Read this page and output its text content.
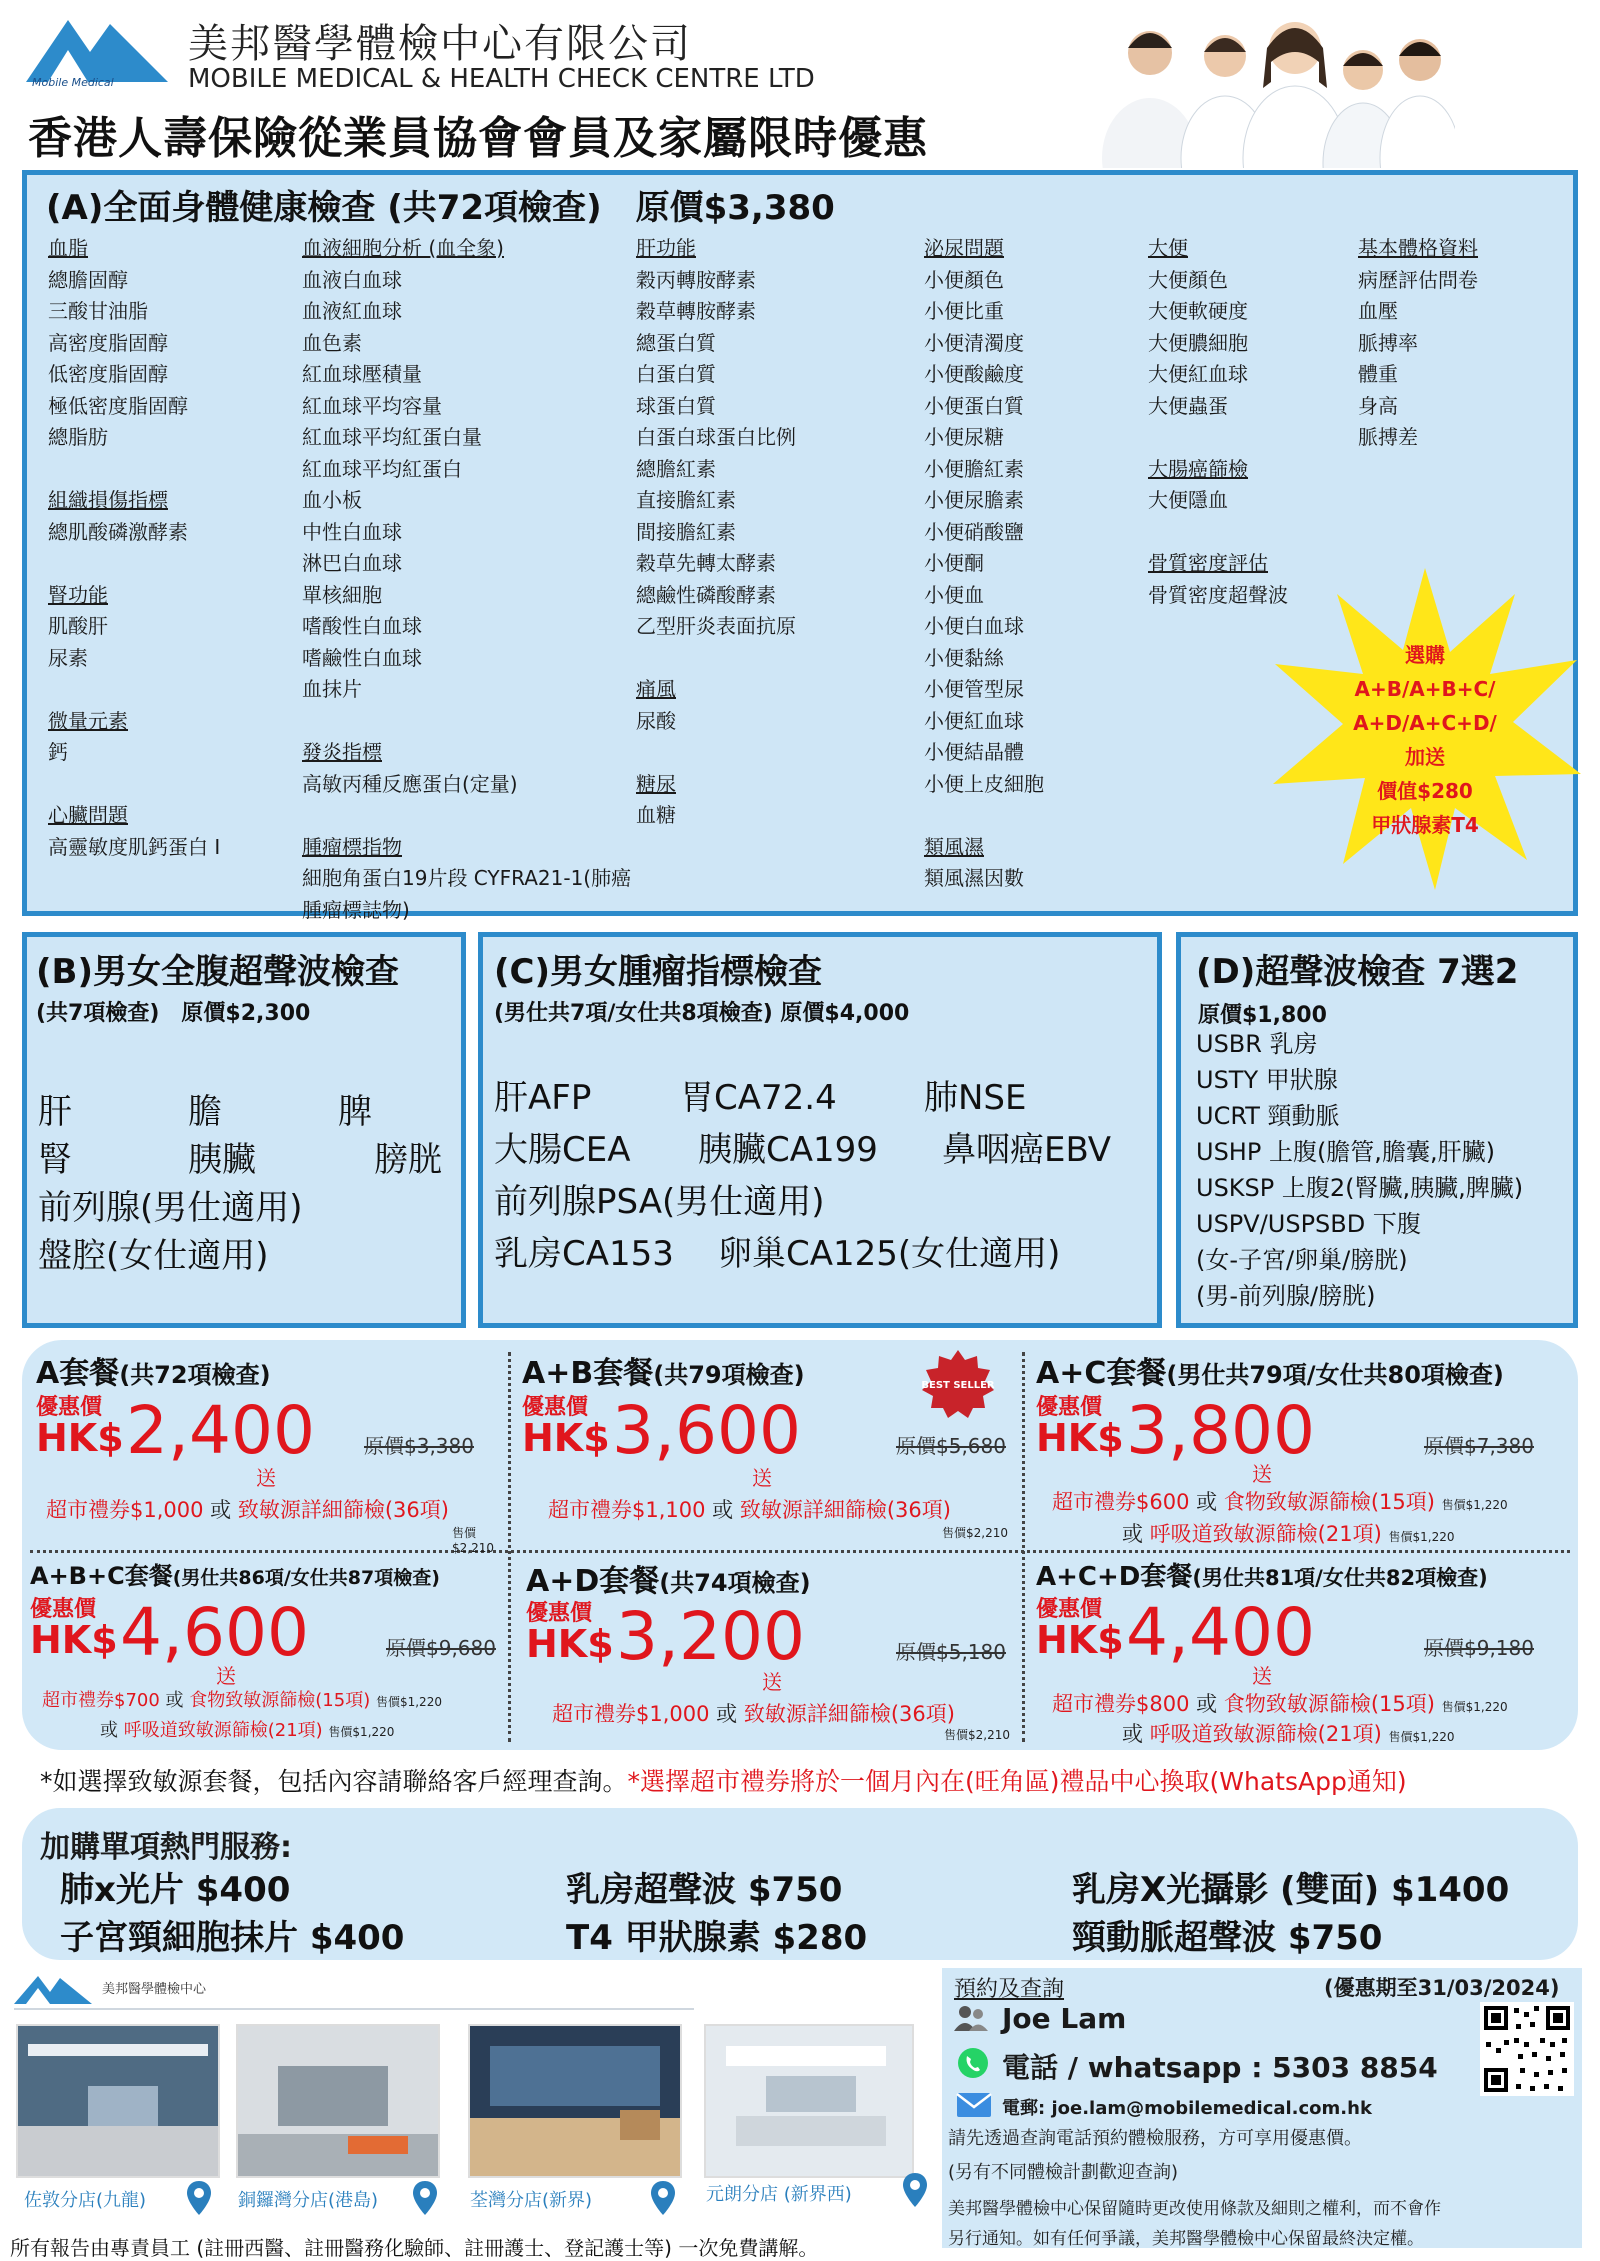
Mobile Medical
美邦醫學體檢中心有限公司
MOBILE MEDICAL & HEALTH CHECK CENTRE LTD
香港人壽保險從業員協會會員及家屬限時優惠
(A)全面身體健康檢查 (共72項檢查)　原價$3,380
血脂
總膽固醇
三酸甘油脂
高密度脂固醇
低密度脂固醇
極低密度脂固醇
總脂肪
組織損傷指標
總肌酸磷激酵素
腎功能
肌酸肝
尿素
微量元素
鈣
心臟問題
高靈敏度肌鈣蛋白 I
血液細胞分析 (血全象)
血液白血球
血液紅血球
血色素
紅血球壓積量
紅血球平均容量
紅血球平均紅蛋白量
紅血球平均紅蛋白
血小板
中性白血球
淋巴白血球
單核細胞
嗜酸性白血球
嗜鹼性白血球
血抹片
發炎指標
高敏丙種反應蛋白(定量)
腫瘤標指物
細胞角蛋白19片段 CYFRA21-1(肺癌腫瘤標誌物)
肝功能
穀丙轉胺酵素
穀草轉胺酵素
總蛋白質
白蛋白質
球蛋白質
白蛋白球蛋白比例
總膽紅素
直接膽紅素
間接膽紅素
穀草先轉太酵素
總鹼性磷酸酵素
乙型肝炎表面抗原
痛風
尿酸
糖尿
血糖
泌尿問題
小便顏色
小便比重
小便清濁度
小便酸鹼度
小便蛋白質
小便尿糖
小便膽紅素
小便尿膽素
小便硝酸鹽
小便酮
小便血
小便白血球
小便黏絲
小便管型尿
小便紅血球
小便結晶體
小便上皮細胞
類風濕
類風濕因數
大便
大便顏色
大便軟硬度
大便膿細胞
大便紅血球
大便蟲蛋
大腸癌篩檢
大便隱血
骨質密度評估
骨質密度超聲波
基本體格資料
病歷評估問卷
血壓
脈搏率
體重
身高
脈搏差
選購
A+B/A+B+C/
A+D/A+C+D/
加送
價值$280
甲狀腺素T4
(B)男女全腹超聲波檢查
(共7項檢查)　原價$2,300
肝	膽	脾
腎	胰臟	膀胱
前列腺(男仕適用)
盤腔(女仕適用)
(C)男女腫瘤指標檢查
(男仕共7項/女仕共8項檢查) 原價$4,000
肝AFP	胃CA72.4	肺NSE
大腸CEA 胰臟CA199 鼻咽癌EBV
前列腺PSA(男仕適用)
乳房CA153 卵巢CA125(女仕適用)
(D)超聲波檢查 7選2
原價$1,800
USBR 乳房
USTY 甲狀腺
UCRT 頸動脈
USHP 上腹(膽管,膽囊,肝臟)
USKSP 上腹2(腎臟,胰臟,脾臟)
USPV/USPSBD 下腹
(女-子宮/卵巢/膀胱)
(男-前列腺/膀胱)
A套餐(共72項檢查)
優惠價
HK$ 2,400 原價$3,380
送
超市禮券$1,000 或 致敏源詳細篩檢(36項)
售價$2,210
A+B套餐(共79項檢查)	BEST SELLER
優惠價
HK$ 3,600	原價$5,680
送
超市禮券$1,100 或 致敏源詳細篩檢(36項)
售價$2,210
A+C套餐(男仕共79項/女仕共80項檢查)
優惠價
HK$ 3,800	原價$7,380
送
超市禮券$600 或 食物致敏源篩檢(15項) 售價$1,220
或 呼吸道致敏源篩檢(21項) 售價$1,220
A+B+C套餐(男仕共86項/女仕共87項檢查)
優惠價
HK$ 4,600	原價$9,680
送
超市禮券$700 或 食物致敏源篩檢(15項) 售價$1,220
或 呼吸道致敏源篩檢(21項) 售價$1,220
A+D套餐(共74項檢查)
優惠價
HK$ 3,200	原價$5,180
送
超市禮券$1,000 或 致敏源詳細篩檢(36項)
售價$2,210
A+C+D套餐(男仕共81項/女仕共82項檢查)
優惠價
HK$ 4,400	原價$9,180
送
超市禮券$800 或 食物致敏源篩檢(15項) 售價$1,220
或 呼吸道致敏源篩檢(21項) 售價$1,220
*如選擇致敏源套餐，包括內容請聯絡客戶經理查詢。*選擇超市禮券將於一個月內在(旺角區)禮品中心換取(WhatsApp通知)
加購單項熱門服務:
肺x光片 $400	乳房超聲波 $750	乳房X光攝影 (雙面) $1400
子宮頸細胞抹片 $400	T4 甲狀腺素 $280	頸動脈超聲波 $750
美邦醫學體檢中心
佐敦分店(九龍)	銅鑼灣分店(港島)	荃灣分店(新界)	元朗分店 (新界西)
預約及查詢	(優惠期至31/03/2024)
Joe Lam
電話 / whatsapp : 5303 8854
電郵: joe.lam@mobilemedical.com.hk
請先透過查詢電話預約體檢服務，方可享用優惠價。
(另有不同體檢計劃歡迎查詢)
美邦醫學體檢中心保留隨時更改使用條款及細則之權利，而不會作
另行通知。如有任何爭議，美邦醫學體檢中心保留最終決定權。
所有報告由專責員工 (註冊西醫、註冊醫務化驗師、註冊護士、登記護士等) 一次免費講解。
